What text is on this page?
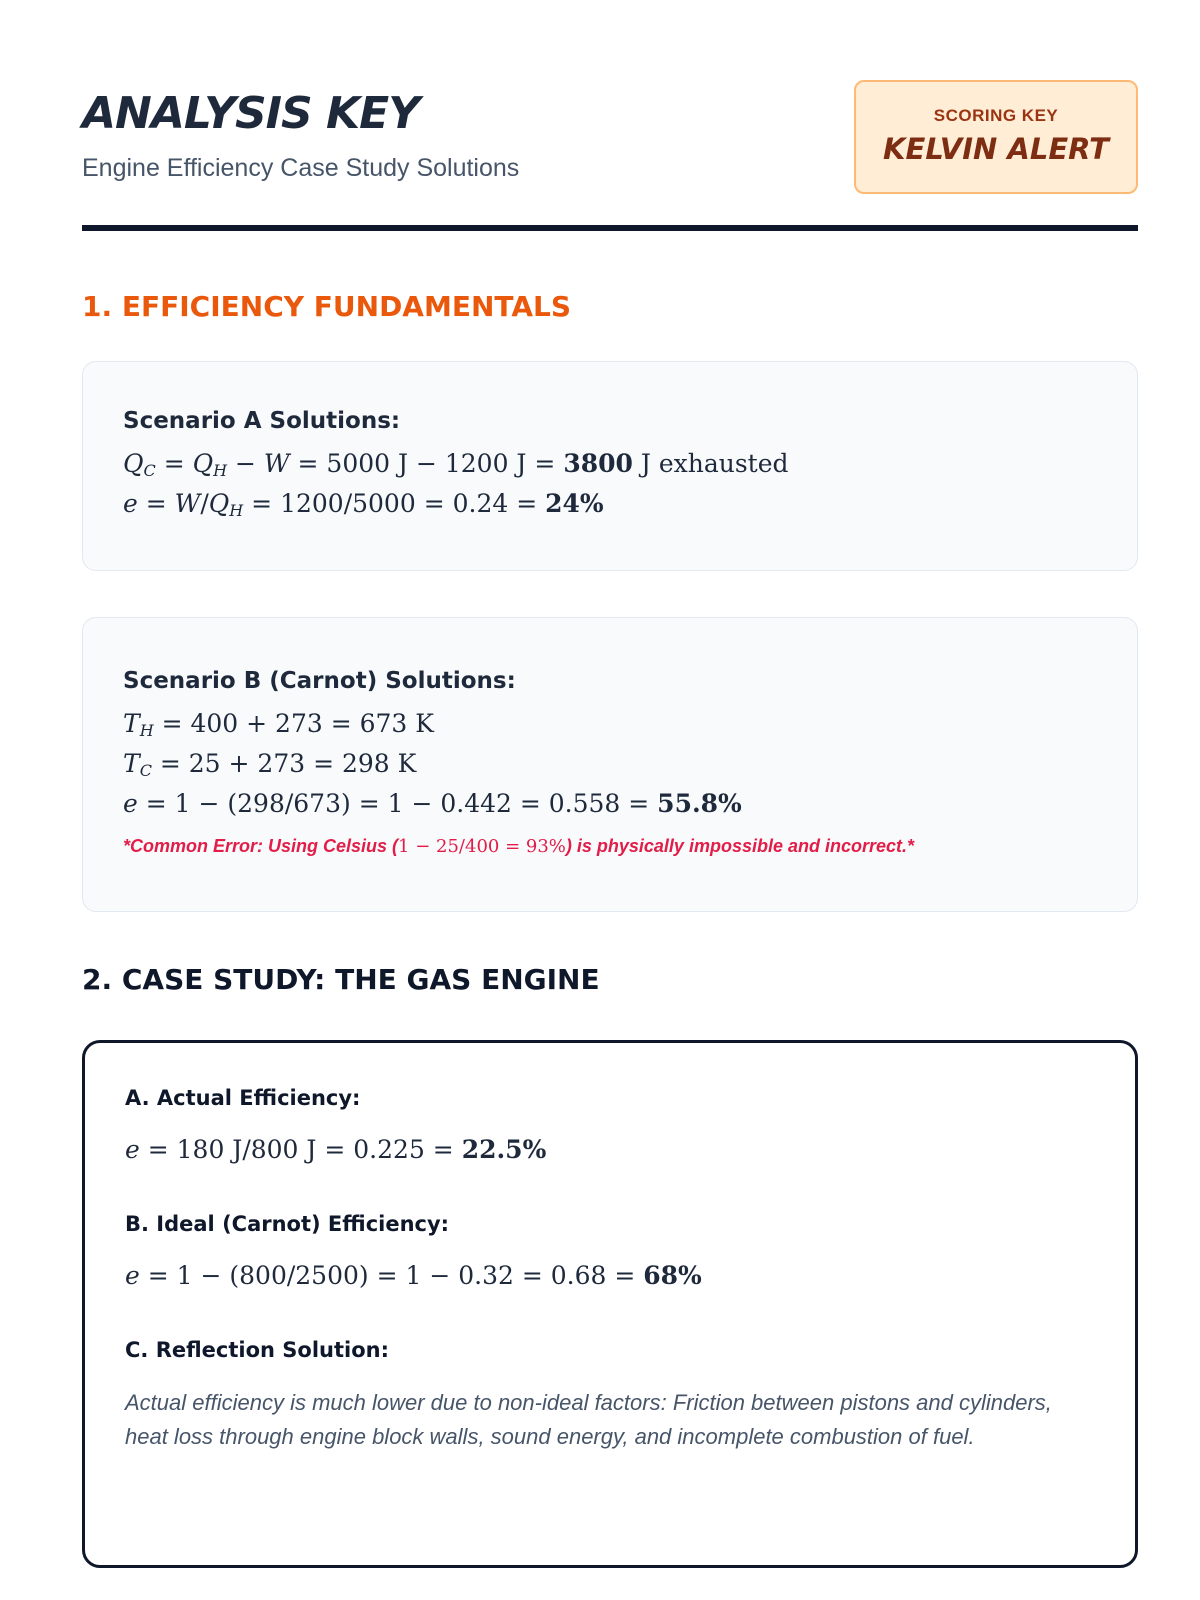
ANALYSIS KEY
Engine Efficiency Case Study Solutions
SCORING KEY
KELVIN ALERT
1. EFFICIENCY FUNDAMENTALS
Scenario A Solutions:
$Q_C = Q_H - W = 5000$ J − 1200 J = 3800 J exhausted
$e = W/Q_H = 1200/5000 = 0.24 = 24\%$
Scenario B (Carnot) Solutions:
$T_H = 400 + 273 = 673$ K
$T_C = 25 + 273 = 298$ K
e = 1 − (298/673) = 1 − 0.442 = 0.558 = 55.8%
*Common Error: Using Celsius (1 − 25/400 = 93%) is physically impossible and incorrect.*
2. CASE STUDY: THE GAS ENGINE
A. Actual Efficiency:
e = 180 J/800 J = 0.225 = 22.5%
B. Ideal (Carnot) Efficiency:
e = 1 − (800/2500) = 1 − 0.32 = 0.68 = 68%
C. Reflection Solution:
Actual efficiency is much lower due to non-ideal factors: Friction between pistons and cylinders, heat loss through engine block walls, sound energy, and incomplete combustion of fuel.
